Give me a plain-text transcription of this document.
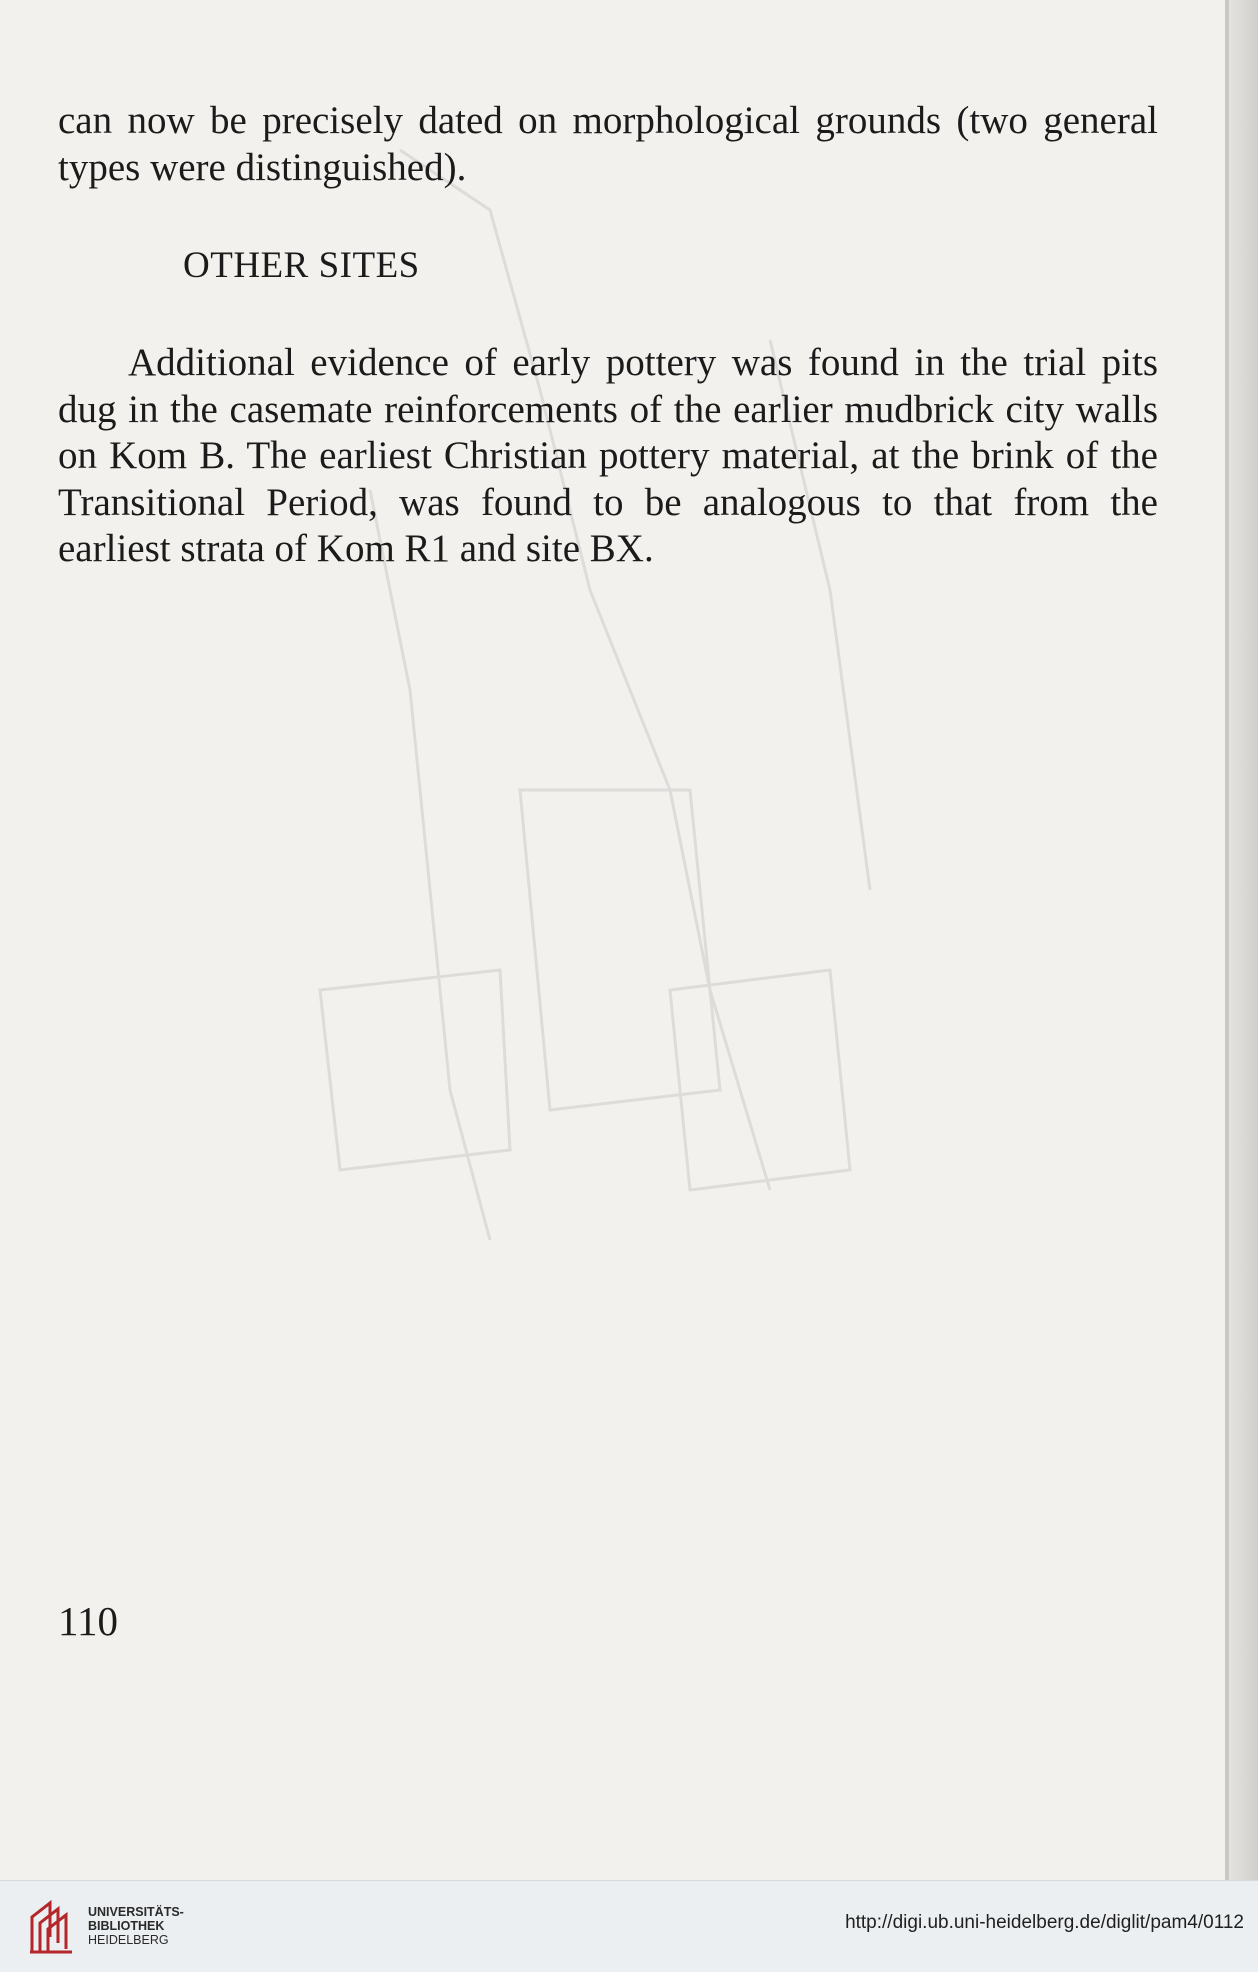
can now be precisely dated on morphological grounds (two general types were distinguished).
OTHER SITES
Additional evidence of early pottery was found in the trial pits dug in the casemate reinforcements of the earlier mudbrick city walls on Kom B. The earliest Christian pottery material, at the brink of the Transitional Period, was found to be analogous to that from the earliest strata of Kom R1 and site BX.
110
UNIVERSITÄTS-
BIBLIOTHEK
HEIDELBERG
http://digi.ub.uni-heidelberg.de/diglit/pam4/0112
